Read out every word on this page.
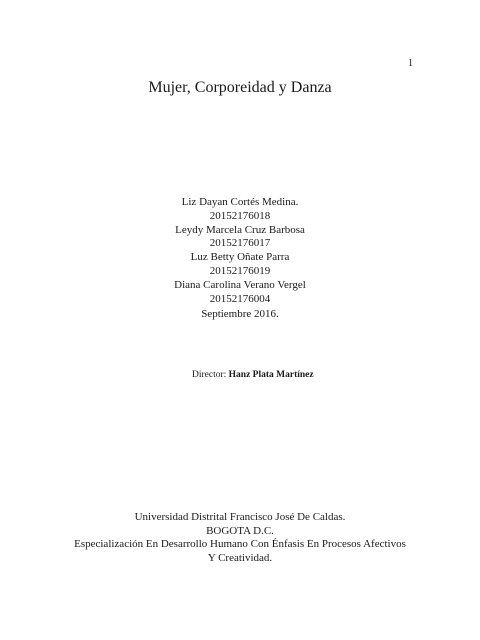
1
Mujer, Corporeidad y Danza
Liz Dayan Cortés Medina.
20152176018
Leydy Marcela Cruz Barbosa
20152176017
Luz Betty Oñate Parra
20152176019
Diana Carolina Verano Vergel
20152176004
Septiembre 2016.
Director: Hanz Plata Martínez
Universidad Distrital Francisco José De Caldas.
BOGOTA D.C.
Especialización En Desarrollo Humano Con Énfasis En Procesos Afectivos
Y Creatividad.
